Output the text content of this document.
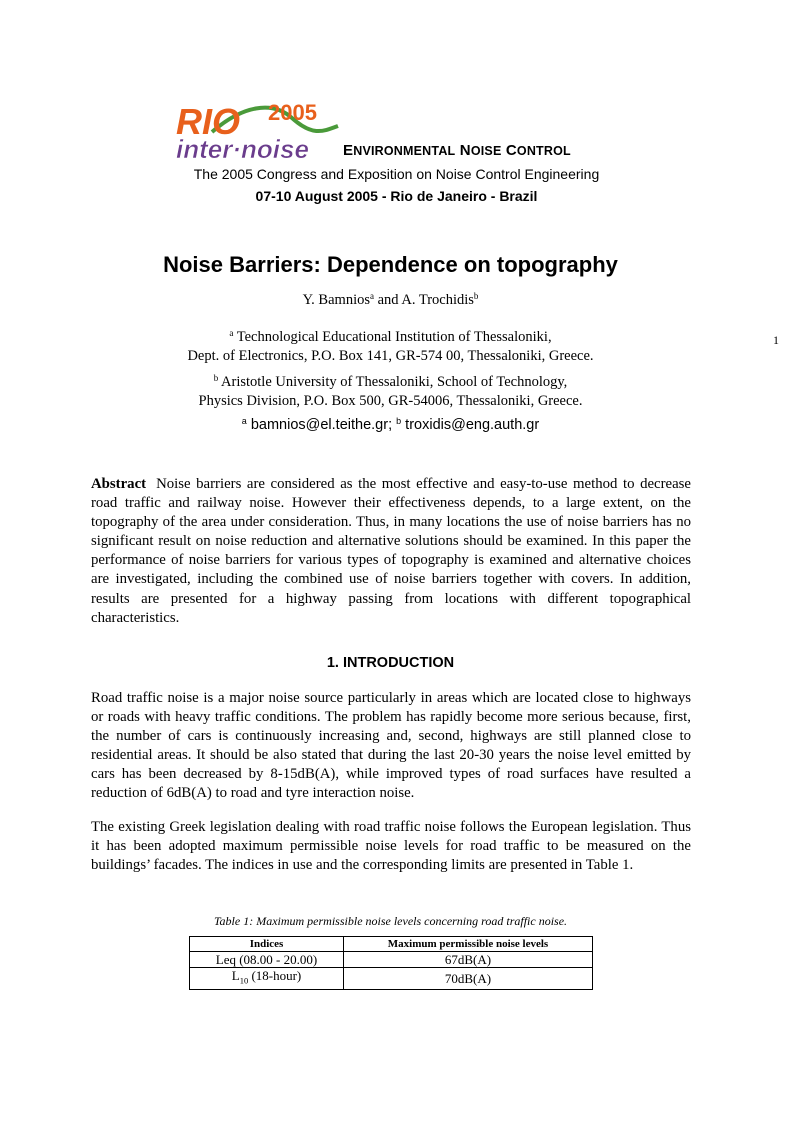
RIO 2005
inter·noise ENVIRONMENTAL NOISE CONTROL
The 2005 Congress and Exposition on Noise Control Engineering
07-10 August 2005 - Rio de Janeiro - Brazil
Noise Barriers: Dependence on topography
Y. Bamnios$^a$ and A. Trochidis$^b$
$^a$ Technological Educational Institution of Thessaloniki,
Dept. of Electronics, P.O. Box 141, GR-574 00, Thessaloniki, Greece.
$^b$ Aristotle University of Thessaloniki, School of Technology,
Physics Division, P.O. Box 500, GR-54006, Thessaloniki, Greece.
$^a$ bamnios@el.teithe.gr; $^b$ troxidis@eng.auth.gr
1
Abstract Noise barriers are considered as the most effective and easy-to-use method to decrease road traffic and railway noise. However their effectiveness depends, to a large extent, on the topography of the area under consideration. Thus, in many locations the use of noise barriers has no significant result on noise reduction and alternative solutions should be examined. In this paper the performance of noise barriers for various types of topography is examined and alternative choices are investigated, including the combined use of noise barriers together with covers. In addition, results are presented for a highway passing from locations with different topographical characteristics.
1. INTRODUCTION
Road traffic noise is a major noise source particularly in areas which are located close to highways or roads with heavy traffic conditions. The problem has rapidly become more serious because, first, the number of cars is continuously increasing and, second, highways are still planned close to residential areas. It should be also stated that during the last 20-30 years the noise level emitted by cars has been decreased by 8-15dB(A), while improved types of road surfaces have resulted a reduction of 6dB(A) to road and tyre interaction noise.
The existing Greek legislation dealing with road traffic noise follows the European legislation. Thus it has been adopted maximum permissible noise levels for road traffic to be measured on the buildings’ facades. The indices in use and the corresponding limits are presented in Table 1.
Table 1: Maximum permissible noise levels concerning road traffic noise.
Indices	Maximum permissible noise levels
Leq (08.00 - 20.00)	67dB(A)
$L_{10}$ (18-hour)	70dB(A)
